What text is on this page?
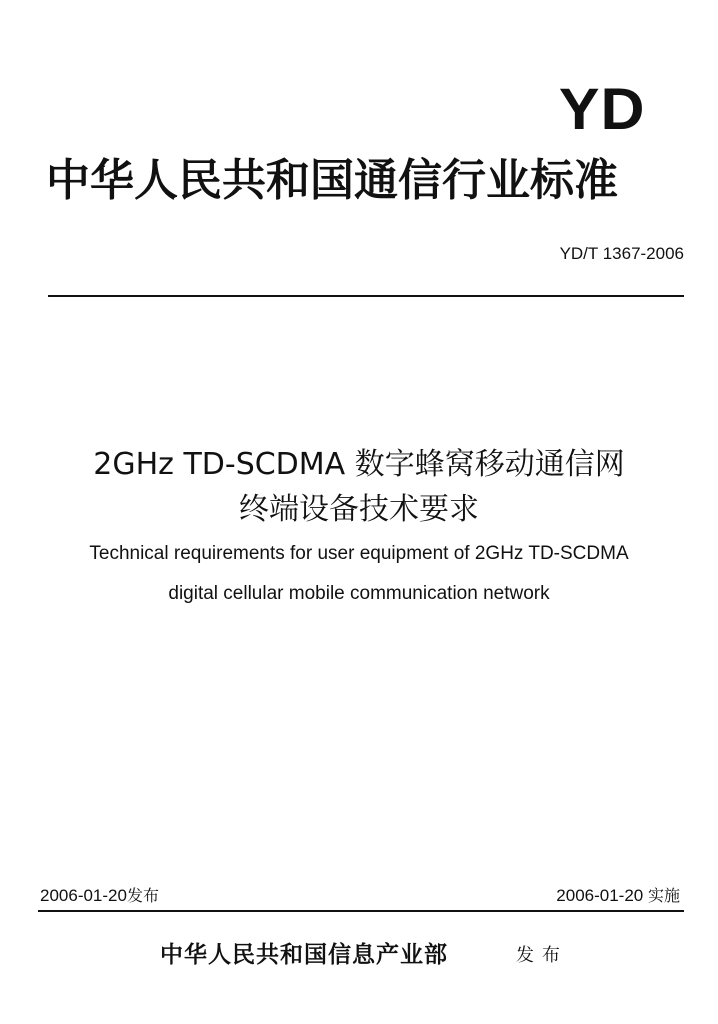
YD
中华人民共和国通信行业标准
YD/T 1367-2006
2GHz TD-SCDMA 数字蜂窝移动通信网
终端设备技术要求
Technical requirements for user equipment of 2GHz TD-SCDMA
digital cellular mobile communication network
2006-01-20发布	2006-01-20 实施
中华人民共和国信息产业部	发布
